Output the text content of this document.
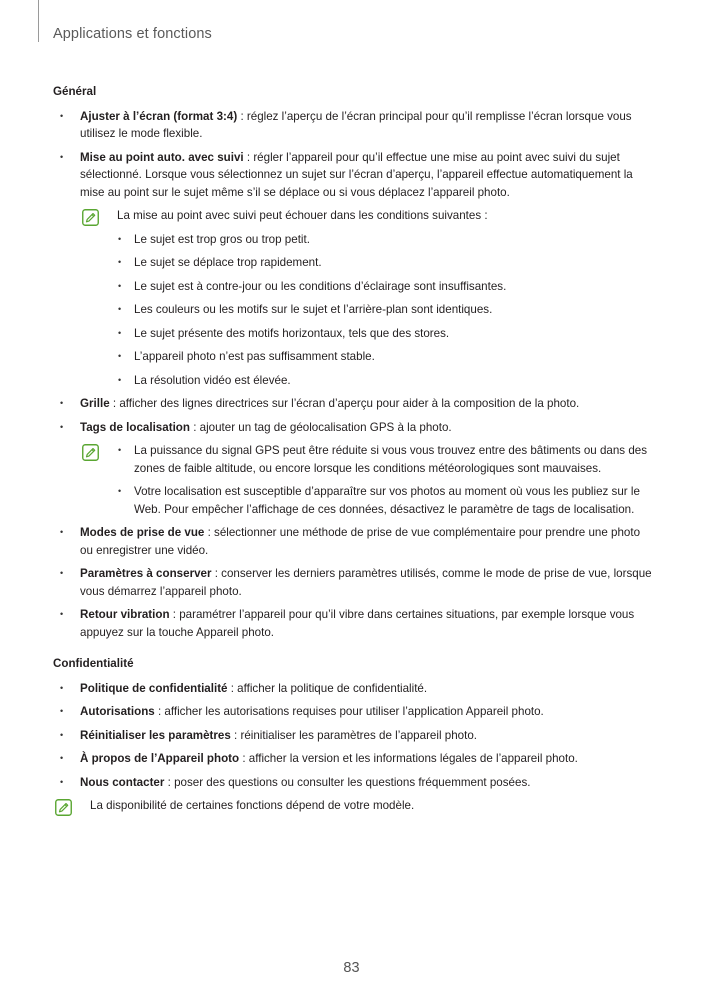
Applications et fonctions
Général
• Ajuster à l’écran (format 3:4) : réglez l’aperçu de l’écran principal pour qu’il remplisse l’écran lorsque vous utilisez le mode flexible.
• Mise au point auto. avec suivi : régler l’appareil pour qu’il effectue une mise au point avec suivi du sujet sélectionné. Lorsque vous sélectionnez un sujet sur l’écran d’aperçu, l’appareil effectue automatiquement la mise au point sur le sujet même s’il se déplace ou si vous déplacez l’appareil photo.
La mise au point avec suivi peut échouer dans les conditions suivantes :
• Le sujet est trop gros ou trop petit.
• Le sujet se déplace trop rapidement.
• Le sujet est à contre-jour ou les conditions d’éclairage sont insuffisantes.
• Les couleurs ou les motifs sur le sujet et l’arrière-plan sont identiques.
• Le sujet présente des motifs horizontaux, tels que des stores.
• L’appareil photo n’est pas suffisamment stable.
• La résolution vidéo est élevée.
• Grille : afficher des lignes directrices sur l’écran d’aperçu pour aider à la composition de la photo.
• Tags de localisation : ajouter un tag de géolocalisation GPS à la photo.
• La puissance du signal GPS peut être réduite si vous vous trouvez entre des bâtiments ou dans des zones de faible altitude, ou encore lorsque les conditions météorologiques sont mauvaises.
• Votre localisation est susceptible d’apparaître sur vos photos au moment où vous les publiez sur le Web. Pour empêcher l’affichage de ces données, désactivez le paramètre de tags de localisation.
• Modes de prise de vue : sélectionner une méthode de prise de vue complémentaire pour prendre une photo ou enregistrer une vidéo.
• Paramètres à conserver : conserver les derniers paramètres utilisés, comme le mode de prise de vue, lorsque vous démarrez l’appareil photo.
• Retour vibration : paramétrer l’appareil pour qu’il vibre dans certaines situations, par exemple lorsque vous appuyez sur la touche Appareil photo.
Confidentialité
• Politique de confidentialité : afficher la politique de confidentialité.
• Autorisations : afficher les autorisations requises pour utiliser l’application Appareil photo.
• Réinitialiser les paramètres : réinitialiser les paramètres de l’appareil photo.
• À propos de l’Appareil photo : afficher la version et les informations légales de l’appareil photo.
• Nous contacter : poser des questions ou consulter les questions fréquemment posées.
La disponibilité de certaines fonctions dépend de votre modèle.
83
